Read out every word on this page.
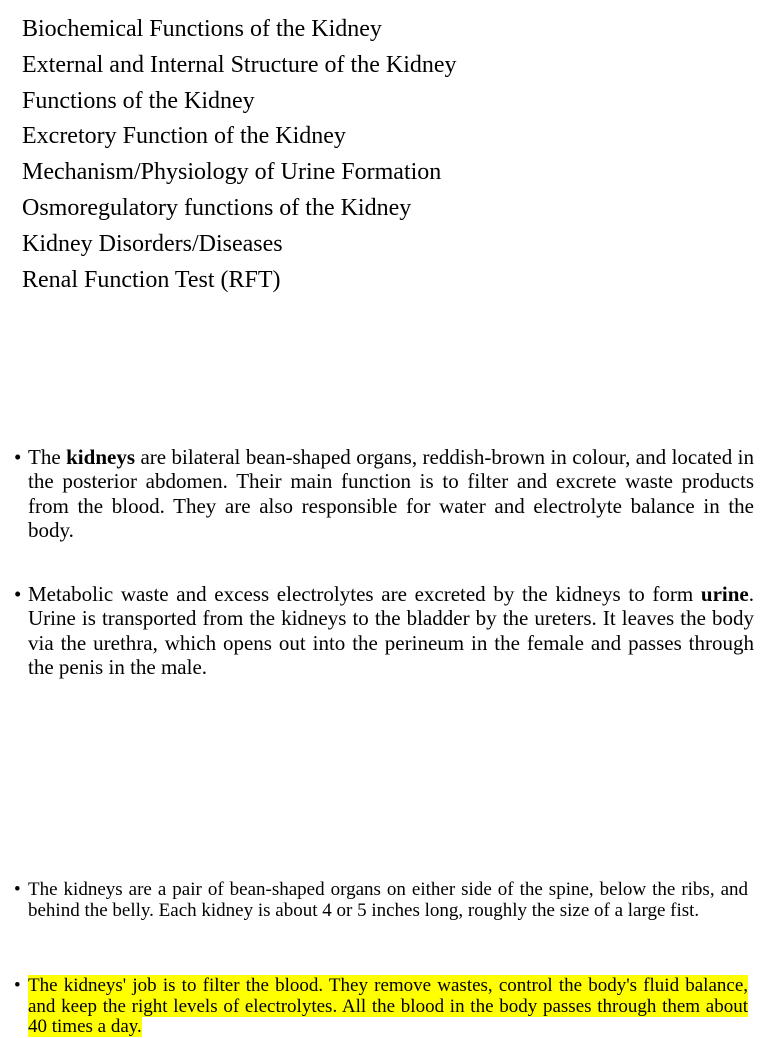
Biochemical Functions of the Kidney
External and Internal Structure of the Kidney
Functions of the Kidney
Excretory Function of the Kidney
Mechanism/Physiology of Urine Formation
Osmoregulatory functions of the Kidney
Kidney Disorders/Diseases
Renal Function Test (RFT)
• The kidneys are bilateral bean-shaped organs, reddish-brown in colour, and located in the posterior abdomen. Their main function is to filter and excrete waste products from the blood. They are also responsible for water and electrolyte balance in the body.
• Metabolic waste and excess electrolytes are excreted by the kidneys to form urine. Urine is transported from the kidneys to the bladder by the ureters. It leaves the body via the urethra, which opens out into the perineum in the female and passes through the penis in the male.
• The kidneys are a pair of bean-shaped organs on either side of the spine, below the ribs, and behind the belly. Each kidney is about 4 or 5 inches long, roughly the size of a large fist.
• The kidneys' job is to filter the blood. They remove wastes, control the body's fluid balance, and keep the right levels of electrolytes. All the blood in the body passes through them about 40 times a day.
